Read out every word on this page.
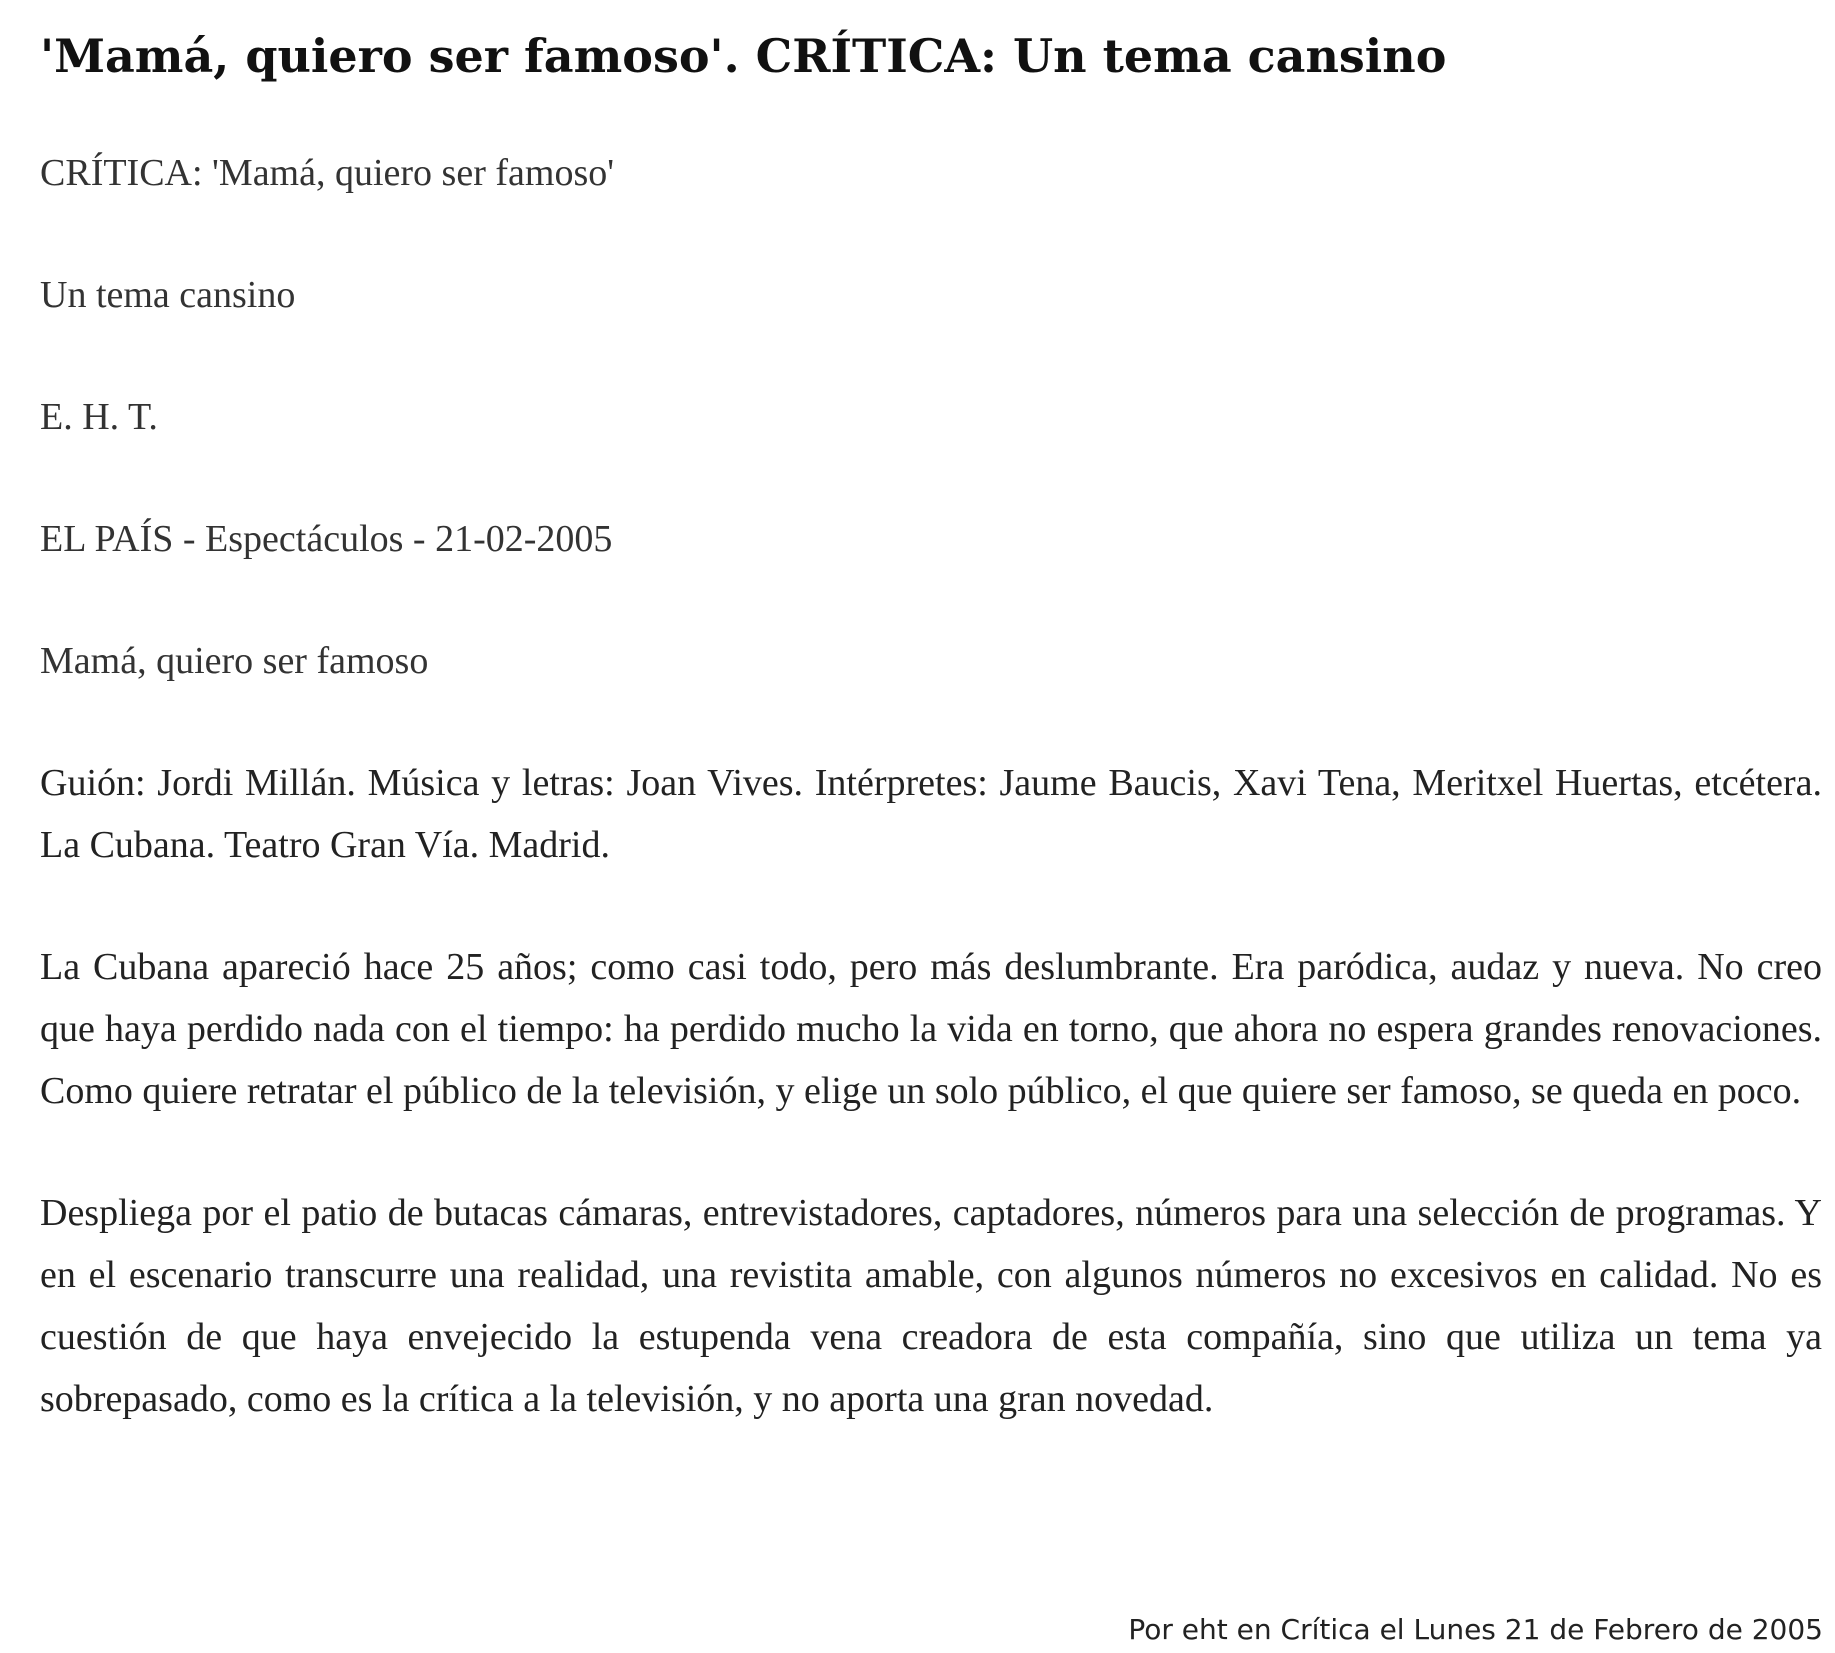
'Mamá, quiero ser famoso'. CRÍTICA: Un tema cansino
CRÍTICA: 'Mamá, quiero ser famoso'
Un tema cansino
E. H. T.
EL PAÍS - Espectáculos - 21-02-2005
Mamá, quiero ser famoso

Guión: Jordi Millán. Música y letras: Joan Vives. Intérpretes: Jaume Baucis, Xavi Tena, Meritxel Huertas, etcétera. La Cubana. Teatro Gran Vía. Madrid.

La Cubana apareció hace 25 años; como casi todo, pero más deslumbrante. Era paródica, audaz y nueva. No creo que haya perdido nada con el tiempo: ha perdido mucho la vida en torno, que ahora no espera grandes renovaciones. Como quiere retratar el público de la televisión, y elige un solo público, el que quiere ser famoso, se queda en poco.

Despliega por el patio de butacas cámaras, entrevistadores, captadores, números para una selección de programas. Y en el escenario transcurre una realidad, una revistita amable, con algunos números no excesivos en calidad. No es cuestión de que haya envejecido la estupenda vena creadora de esta compañía, sino que utiliza un tema ya sobrepasado, como es la crítica a la televisión, y no aporta una gran novedad.

Por eht en Crítica el Lunes 21 de Febrero de 2005
